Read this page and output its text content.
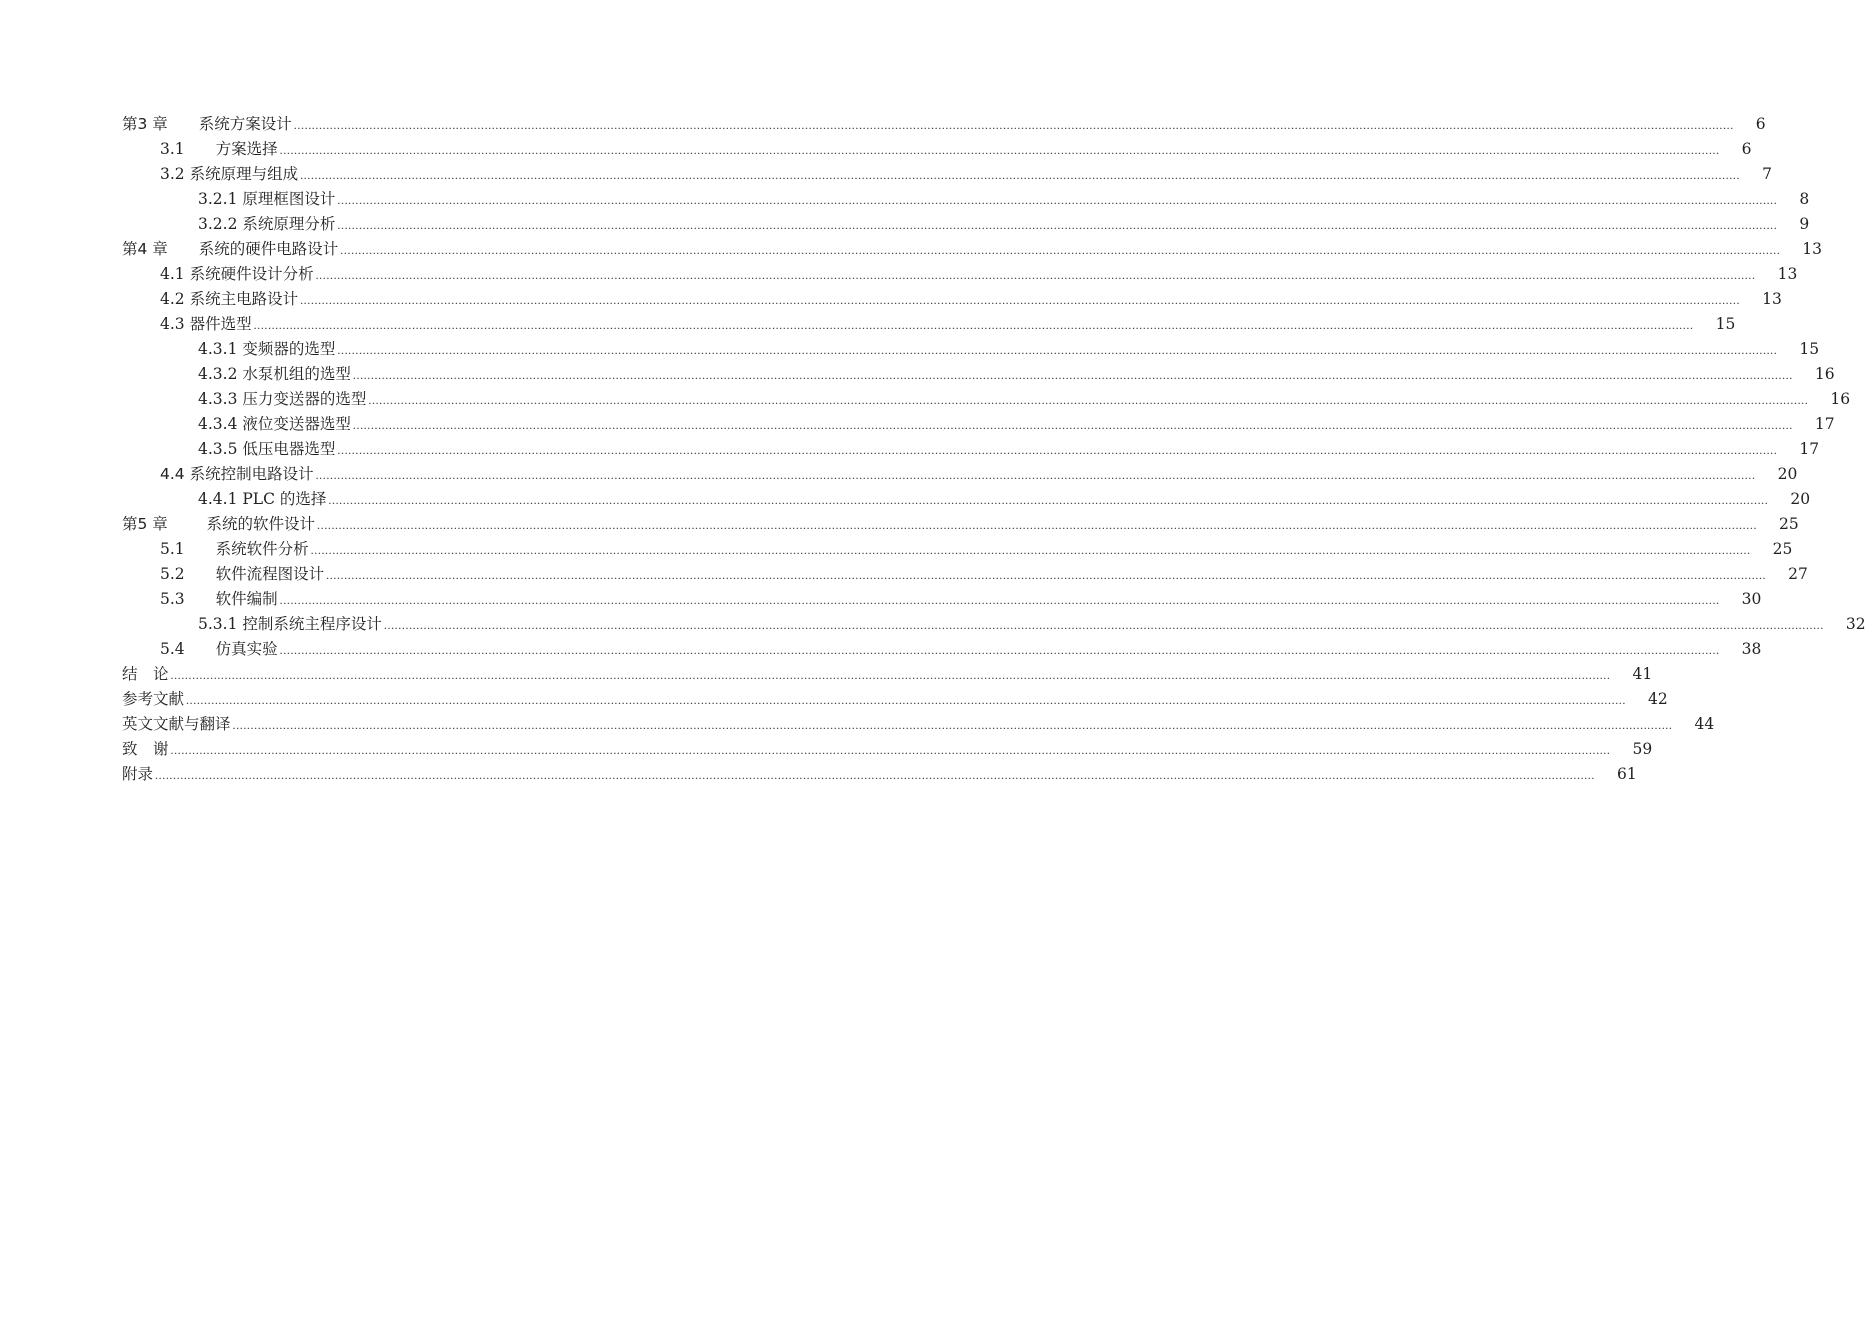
第3 章　　系统方案设计 ................................................................................................................................................................................................................................................................................................................................................................................................................	6
3.1　　方案选择 ................................................................................................................................................................................................................................................................................................................................................................................................................	6
3.2 系统原理与组成 ................................................................................................................................................................................................................................................................................................................................................................................................................	7
3.2.1 原理框图设计 ................................................................................................................................................................................................................................................................................................................................................................................................................	8
3.2.2 系统原理分析 ................................................................................................................................................................................................................................................................................................................................................................................................................	9
第4 章　　系统的硬件电路设计 ................................................................................................................................................................................................................................................................................................................................................................................................................	13
4.1 系统硬件设计分析 ................................................................................................................................................................................................................................................................................................................................................................................................................	13
4.2 系统主电路设计 ................................................................................................................................................................................................................................................................................................................................................................................................................	13
4.3 器件选型 ................................................................................................................................................................................................................................................................................................................................................................................................................	15
4.3.1 变频器的选型 ................................................................................................................................................................................................................................................................................................................................................................................................................	15
4.3.2 水泵机组的选型 ................................................................................................................................................................................................................................................................................................................................................................................................................	16
4.3.3 压力变送器的选型 ................................................................................................................................................................................................................................................................................................................................................................................................................	16
4.3.4 液位变送器选型 ................................................................................................................................................................................................................................................................................................................................................................................................................	17
4.3.5 低压电器选型 ................................................................................................................................................................................................................................................................................................................................................................................................................	17
4.4 系统控制电路设计 ................................................................................................................................................................................................................................................................................................................................................................................................................	20
4.4.1 PLC 的选择 ................................................................................................................................................................................................................................................................................................................................................................................................................	20
第5 章　　 系统的软件设计 ................................................................................................................................................................................................................................................................................................................................................................................................................	25
5.1　　系统软件分析 ................................................................................................................................................................................................................................................................................................................................................................................................................	25
5.2　　软件流程图设计 ................................................................................................................................................................................................................................................................................................................................................................................................................	27
5.3　　软件编制 ................................................................................................................................................................................................................................................................................................................................................................................................................	30
5.3.1 控制系统主程序设计 ................................................................................................................................................................................................................................................................................................................................................................................................................	32
5.4　　仿真实验 ................................................................................................................................................................................................................................................................................................................................................................................................................	38
结　论 ................................................................................................................................................................................................................................................................................................................................................................................................................	41
参考文献 ................................................................................................................................................................................................................................................................................................................................................................................................................	42
英文文献与翻译 ................................................................................................................................................................................................................................................................................................................................................................................................................	44
致　谢 ................................................................................................................................................................................................................................................................................................................................................................................................................	59
附录 ................................................................................................................................................................................................................................................................................................................................................................................................................	61
